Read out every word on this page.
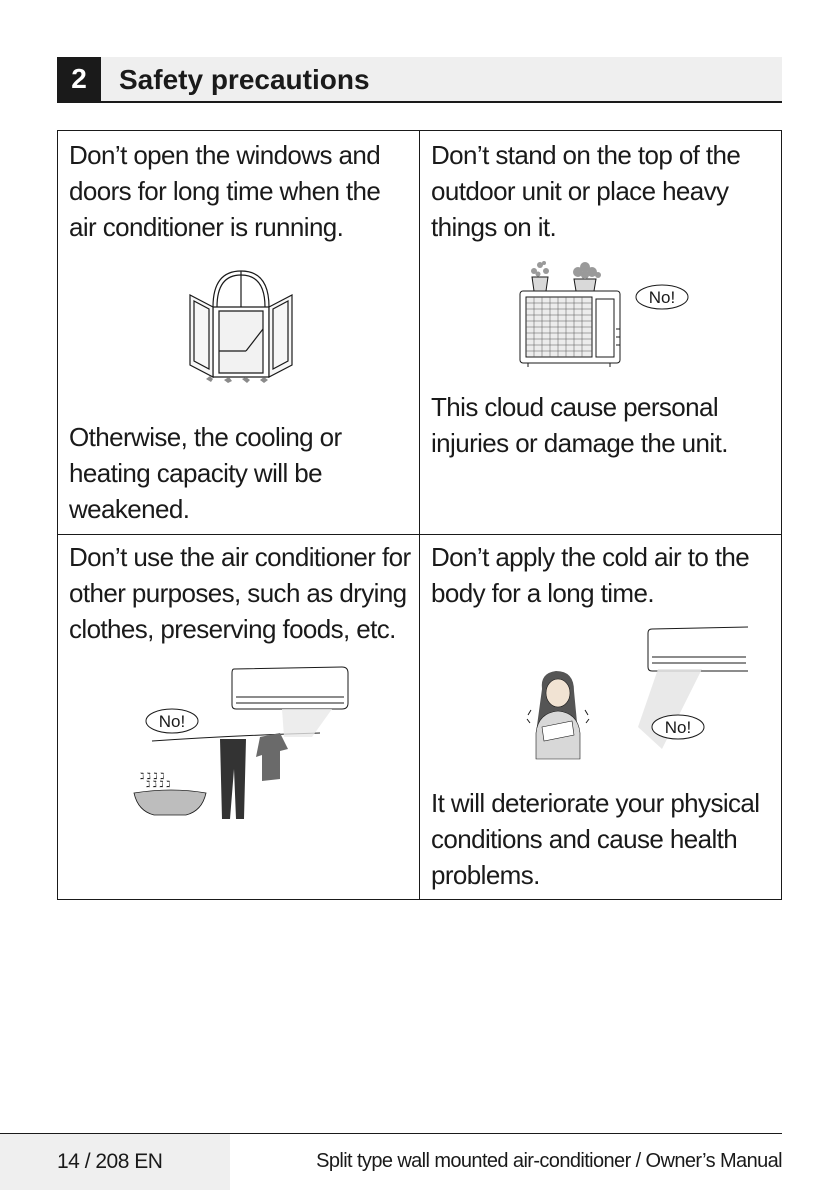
2	Safety precautions
Don’t open the windows and
doors for long time when the
air conditioner is running.
Otherwise, the cooling or
heating capacity will be
weakened.
Don’t stand on the top of the
outdoor unit or place heavy
things on it.
No!
This cloud cause personal
injuries or damage the unit.
Don’t use the air conditioner for
other purposes, such as drying
clothes, preserving foods, etc.
No!
ℷ ℷ ℷ ℷ
ℷ ℷ ℷ ℷ
Don’t apply the cold air to the
body for a long time.
No!
It will deteriorate your physical
conditions and cause health
problems.
14 / 208 EN	Split type wall mounted air-conditioner / Owner’s Manual
